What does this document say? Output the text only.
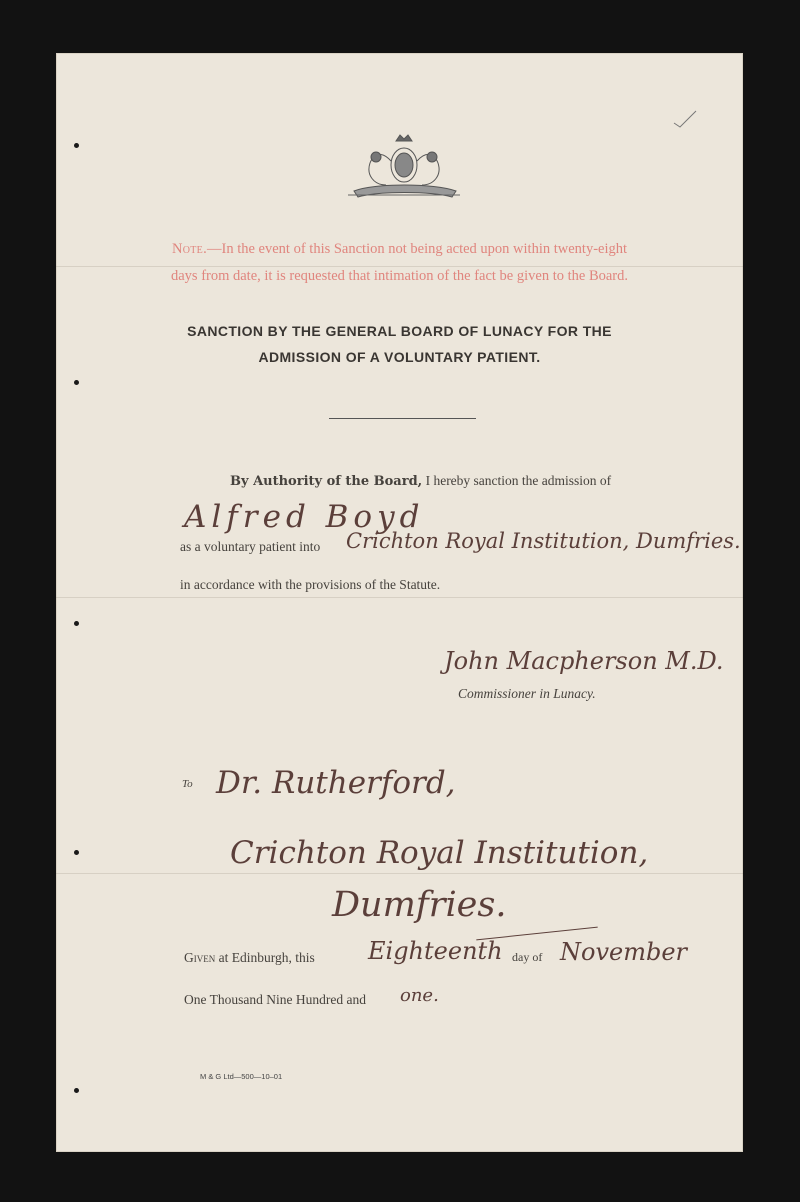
Note.—In the event of this Sanction not being acted upon within twenty-eight
days from date, it is requested that intimation of the fact be given to the Board.
SANCTION BY THE GENERAL BOARD OF LUNACY FOR THE
ADMISSION OF A VOLUNTARY PATIENT.
By Authority of the Board, I hereby sanction the admission of
Alfred Boyd
as a voluntary patient into Crichton Royal Institution, Dumfries.
in accordance with the provisions of the Statute.
John Macpherson M.D.
Commissioner in Lunacy.
To Dr. Rutherford,
Crichton Royal Institution,
Dumfries.
Given at Edinburgh, this Eighteenth day of November
One Thousand Nine Hundred and one.
M & G Ltd—500—10–01
